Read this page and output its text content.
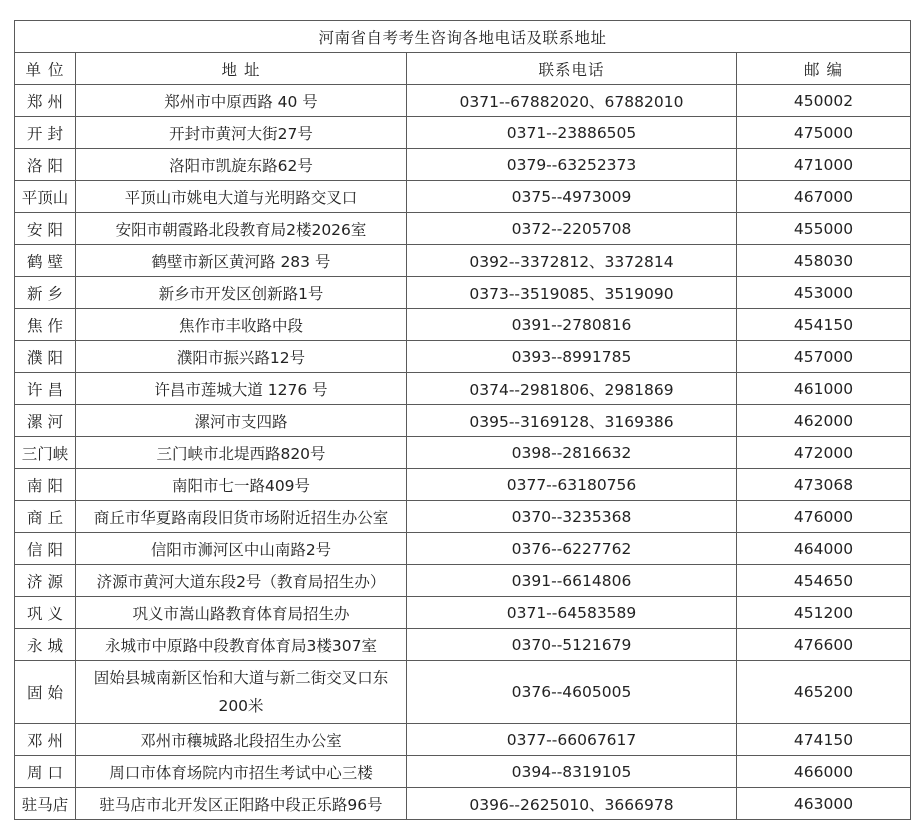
河南省自考考生咨询各地电话及联系地址			
单 位	地 址	联系电话	邮 编
郑 州	郑州市中原西路 40 号	0371--67882020、67882010	450002
开 封	开封市黄河大街27号	0371--23886505	475000
洛 阳	洛阳市凯旋东路62号	0379--63252373	471000
平顶山	平顶山市姚电大道与光明路交叉口	0375--4973009	467000
安 阳	安阳市朝霞路北段教育局2楼2026室	0372--2205708	455000
鹤 壁	鹤壁市新区黄河路 283 号	0392--3372812、3372814	458030
新 乡	新乡市开发区创新路1号	0373--3519085、3519090	453000
焦 作	焦作市丰收路中段	0391--2780816	454150
濮 阳	濮阳市振兴路12号	0393--8991785	457000
许 昌	许昌市莲城大道 1276 号	0374--2981806、2981869	461000
漯 河	漯河市支四路	0395--3169128、3169386	462000
三门峡	三门峡市北堤西路820号	0398--2816632	472000
南 阳	南阳市七一路409号	0377--63180756	473068
商 丘	商丘市华夏路南段旧货市场附近招生办公室	0370--3235368	476000
信 阳	信阳市浉河区中山南路2号	0376--6227762	464000
济 源	济源市黄河大道东段2号（教育局招生办）	0391--6614806	454650
巩 义	巩义市嵩山路教育体育局招生办	0371--64583589	451200
永 城	永城市中原路中段教育体育局3楼307室	0370--5121679	476600
固 始	固始县城南新区怡和大道与新二街交叉口东200米	0376--4605005	465200
邓 州	邓州市穰城路北段招生办公室	0377--66067617	474150
周 口	周口市体育场院内市招生考试中心三楼	0394--8319105	466000
驻马店	驻马店市北开发区正阳路中段正乐路96号	0396--2625010、3666978	463000
